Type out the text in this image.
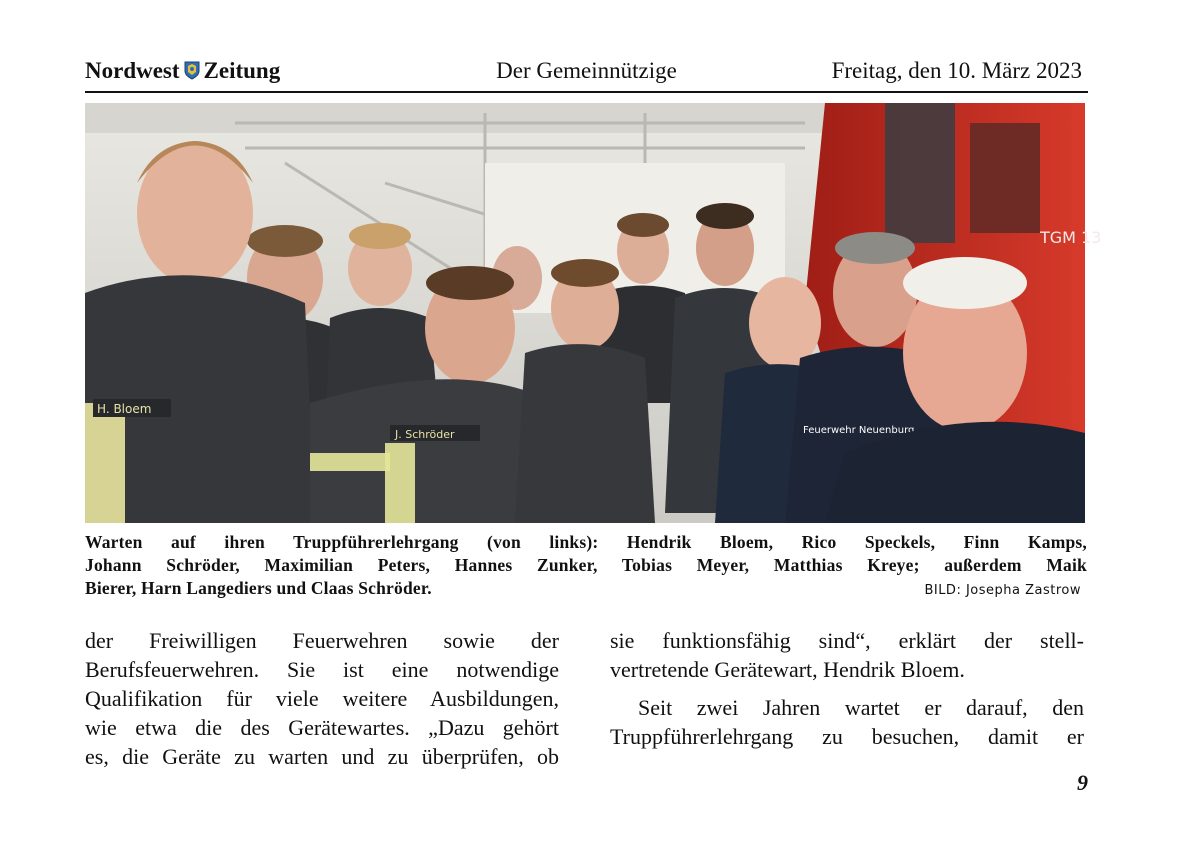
Der Gemeinnützige
Nordwest Zeitung	Freitag, den 10. März 2023
TGM 13
H. Bloem
J. Schröder	Feuerwehr Neuenburg
Warten auf ihren Truppführerlehrgang (von links): Hendrik Bloem, Rico Speckels, Finn Kamps,
Johann Schröder, Maximilian Peters, Hannes Zunker, Tobias Meyer, Matthias Kreye; außerdem Maik
Bierer, Harn Langediers und Claas Schröder.	BILD: Josepha Zastrow
der Freiwilligen Feuerwehren sowie der
Berufsfeuerwehren. Sie ist eine notwendige
Qualifikation für viele weitere Ausbildungen,
wie etwa die des Gerätewartes. „Dazu gehört
es, die Geräte zu warten und zu überprüfen, ob
sie funktionsfähig sind“, erklärt der stell-
vertretende Gerätewart, Hendrik Bloem.
Seit zwei Jahren wartet er darauf, den
Truppführerlehrgang zu besuchen, damit er
9
